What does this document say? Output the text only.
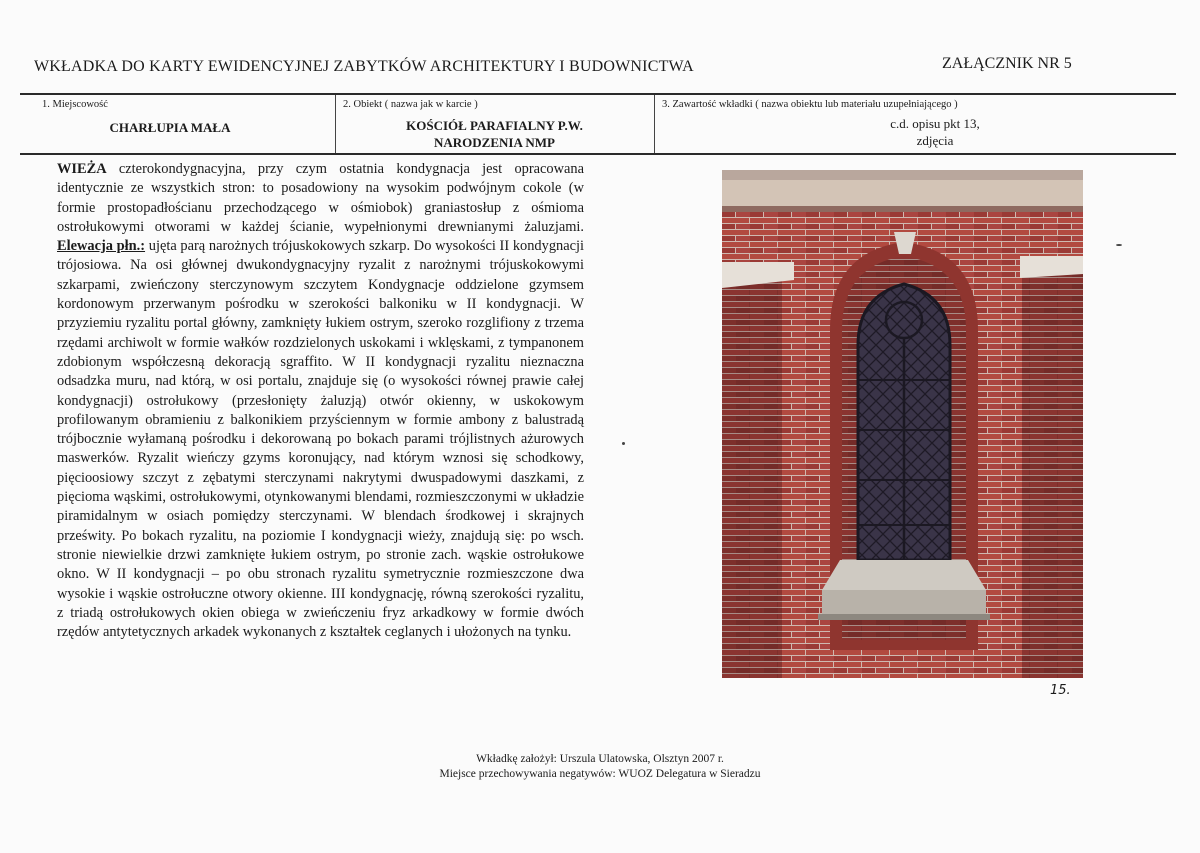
WKŁADKA DO KARTY EWIDENCYJNEJ ZABYTKÓW ARCHITEKTURY I BUDOWNICTWA	ZAŁĄCZNIK NR 5
1. Miejscowość
CHARŁUPIA MAŁA
2. Obiekt ( nazwa jak w karcie )
KOŚCIÓŁ PARAFIALNY P.W.
NARODZENIA NMP
3. Zawartość wkładki ( nazwa obiektu lub materiału uzupełniającego )
c.d. opisu pkt 13,
zdjęcia
WIEŻA czterokondygnacyjna, przy czym ostatnia kondygnacja jest opracowana identycznie ze wszystkich stron: to posadowiony na wysokim podwójnym cokole (w formie prostopadłościanu przechodzącego w ośmiobok) graniastosłup z ośmioma ostrołukowymi otworami w każdej ścianie, wypełnionymi drewnianymi żaluzjami. Elewacja płn.: ujęta parą narożnych trójuskokowych szkarp. Do wysokości II kondygnacji trójosiowa. Na osi głównej dwukondygnacyjny ryzalit z narożnymi trójuskokowymi szkarpami, zwieńczony sterczynowym szczytem Kondygnacje oddzielone gzymsem kordonowym przerwanym pośrodku w szerokości balkoniku w II kondygnacji. W przyziemiu ryzalitu portal główny, zamknięty łukiem ostrym, szeroko rozglifiony z trzema rzędami archiwolt w formie wałków rozdzielonych uskokami i wklęskami, z tympanonem zdobionym współczesną dekoracją sgraffito. W II kondygnacji ryzalitu nieznaczna odsadzka muru, nad którą, w osi portalu, znajduje się (o wysokości równej prawie całej kondygnacji) ostrołukowy (przesłonięty żaluzją) otwór okienny, w uskokowym profilowanym obramieniu z balkonikiem przyściennym w formie ambony z balustradą trójbocznie wyłamaną pośrodku i dekorowaną po bokach parami trójlistnych ażurowych maswerków. Ryzalit wieńczy gzyms koronujący, nad którym wznosi się schodkowy, pięcioosiowy szczyt z zębatymi sterczynami nakrytymi dwuspadowymi daszkami, z pięcioma wąskimi, ostrołukowymi, otynkowanymi blendami, rozmieszczonymi w układzie piramidalnym w osiach pomiędzy sterczynami. W blendach środkowej i skrajnych prześwity. Po bokach ryzalitu, na poziomie I kondygnacji wieży, znajdują się: po wsch. stronie niewielkie drzwi zamknięte łukiem ostrym, po stronie zach. wąskie ostrołukowe okno. W II kondygnacji – po obu stronach ryzalitu symetrycznie rozmieszczone dwa wysokie i wąskie ostrołuczne otwory okienne. III kondygnację, równą szerokości ryzalitu, z triadą ostrołukowych okien obiega w zwieńczeniu fryz arkadkowy w formie dwóch rzędów antytetycznych arkadek wykonanych z kształtek ceglanych i ułożonych na tynku.
15.
Wkładkę założył: Urszula Ulatowska, Olsztyn 2007 r.
Miejsce przechowywania negatywów: WUOZ Delegatura w Sieradzu
